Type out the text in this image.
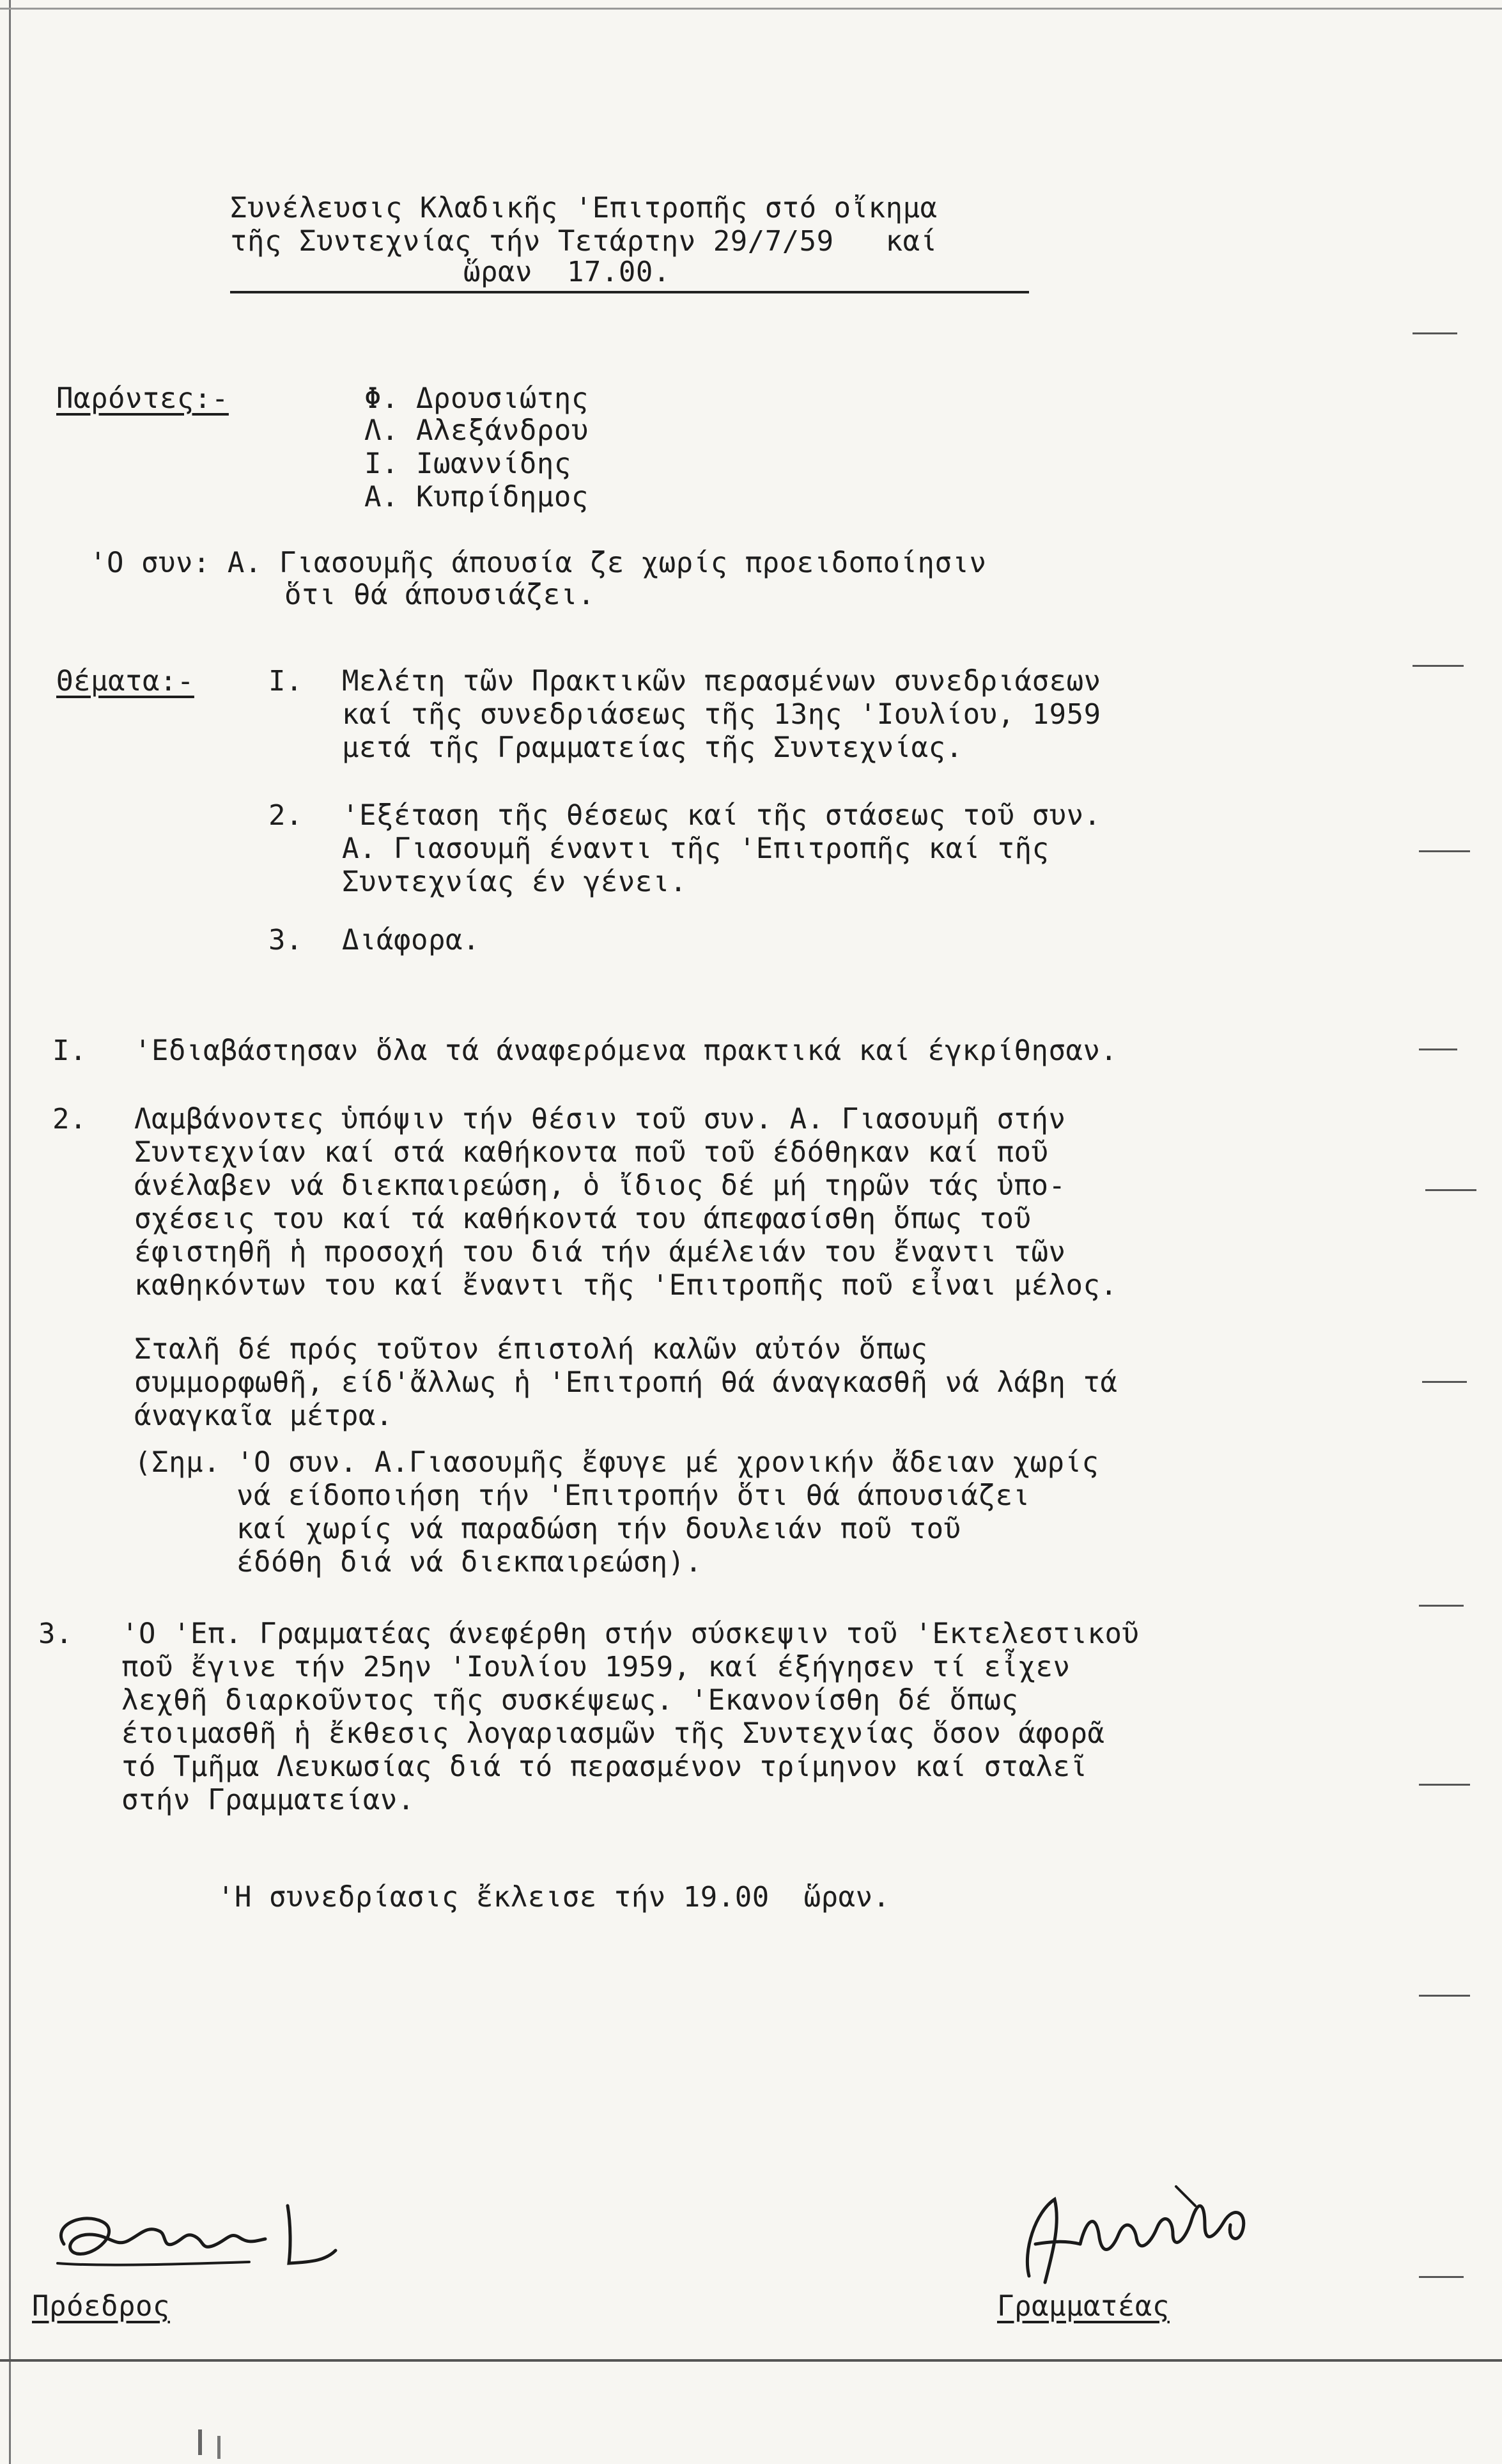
Συνέλευσις Κλαδικῆς 'Επιτροπῆς στό οἴκημα
τῆς Συντεχνίας τήν Τετάρτην 29/7/59   καί
ὥραν  17.00.
Παρόντες:-	Φ. Δρουσιώτης
Λ. Αλεξάνδρου
Ι. Ιωαννίδης
Α. Κυπρίδημος
'Ο συν: Α. Γιασουμῆς άπουσία ζε χωρίς προειδοποίησιν
ὅτι θά άπουσιάζει.
Θέματα:-	I. Μελέτη τῶν Πρακτικῶν περασμένων συνεδριάσεων
καί τῆς συνεδριάσεως τῆς 13ης 'Ιουλίου, 1959
μετά τῆς Γραμματείας τῆς Συντεχνίας.
2. 'Εξέταση τῆς θέσεως καί τῆς στάσεως τοῦ συν.
Α. Γιασουμῆ έναντι τῆς 'Επιτροπῆς καί τῆς
Συντεχνίας έν γένει.
3. Διάφορα.
I. 'Εδιαβάστησαν ὅλα τά άναφερόμενα πρακτικά καί έγκρίθησαν.
2. Λαμβάνοντες ὑπόψιν τήν θέσιν τοῦ συν. Α. Γιασουμῆ στήν
Συντεχνίαν καί στά καθήκοντα ποῦ τοῦ έδόθηκαν καί ποῦ
άνέλαβεν νά διεκπαιρεώση, ὁ ἴδιος δέ μή τηρῶν τάς ὑπο-
σχέσεις του καί τά καθήκοντά του άπεφασίσθη ὅπως τοῦ
έφιστηθῆ ἡ προσοχή του διά τήν άμέλειάν του ἔναντι τῶν
καθηκόντων του καί ἔναντι τῆς 'Επιτροπῆς ποῦ εἶναι μέλος.
Σταλῆ δέ πρός τοῦτον έπιστολή καλῶν αὐτόν ὅπως
συμμορφωθῆ, είδ'ἄλλως ἡ 'Επιτροπή θά άναγκασθῆ νά λάβη τά
άναγκαῖα μέτρα.
(Σημ. 'Ο συν. Α.Γιασουμῆς ἔφυγε μέ χρονικήν ἄδειαν χωρίς
νά είδοποιήση τήν 'Επιτροπήν ὅτι θά άπουσιάζει
καί χωρίς νά παραδώση τήν δουλειάν ποῦ τοῦ
έδόθη διά νά διεκπαιρεώση).
3. 'Ο 'Επ. Γραμματέας άνεφέρθη στήν σύσκεψιν τοῦ 'Εκτελεστικοῦ
ποῦ ἔγινε τήν 25ην 'Ιουλίου 1959, καί έξήγησεν τί εἶχεν
λεχθῆ διαρκοῦντος τῆς συσκέψεως. 'Εκανονίσθη δέ ὅπως
έτοιμασθῆ ἡ ἔκθεσις λογαριασμῶν τῆς Συντεχνίας ὅσον άφορᾶ
τό Τμῆμα Λευκωσίας διά τό περασμένον τρίμηνον καί σταλεῖ
στήν Γραμματείαν.
'Η συνεδρίασις ἔκλεισε τήν 19.00  ὥραν.
Πρόεδρος	Γραμματέας
